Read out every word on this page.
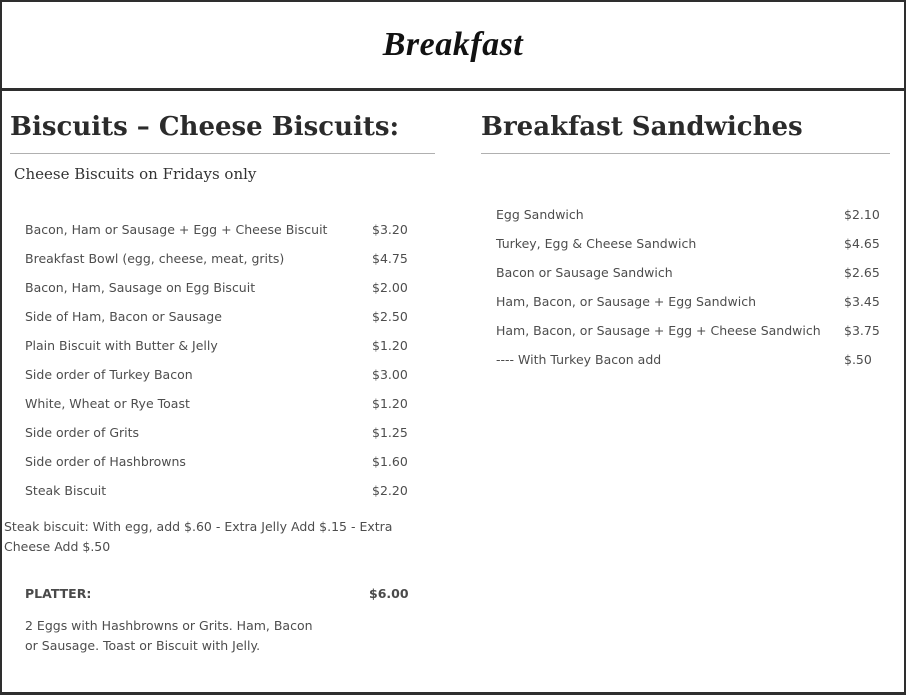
Breakfast
Biscuits – Cheese Biscuits:

Cheese Biscuits on Fridays only

Bacon, Ham or Sausage + Egg + Cheese Biscuit	$3.20
Breakfast Bowl (egg, cheese, meat, grits)	$4.75
Bacon, Ham, Sausage on Egg Biscuit	$2.00
Side of Ham, Bacon or Sausage	$2.50
Plain Biscuit with Butter & Jelly	$1.20
Side order of Turkey Bacon	$3.00
White, Wheat or Rye Toast	$1.20
Side order of Grits	$1.25
Side order of Hashbrowns	$1.60
Steak Biscuit	$2.20

Steak biscuit: With egg, add $.60 - Extra Jelly Add $.15 - Extra Cheese Add $.50

PLATTER:	$6.00

2 Eggs with Hashbrowns or Grits. Ham, Bacon or Sausage. Toast or Biscuit with Jelly.

Breakfast Sandwiches
Egg Sandwich	$2.10
Turkey, Egg & Cheese Sandwich	$4.65
Bacon or Sausage Sandwich	$2.65
Ham, Bacon, or Sausage + Egg Sandwich	$3.45
Ham, Bacon, or Sausage + Egg + Cheese Sandwich	$3.75
---- With Turkey Bacon add	$.50
